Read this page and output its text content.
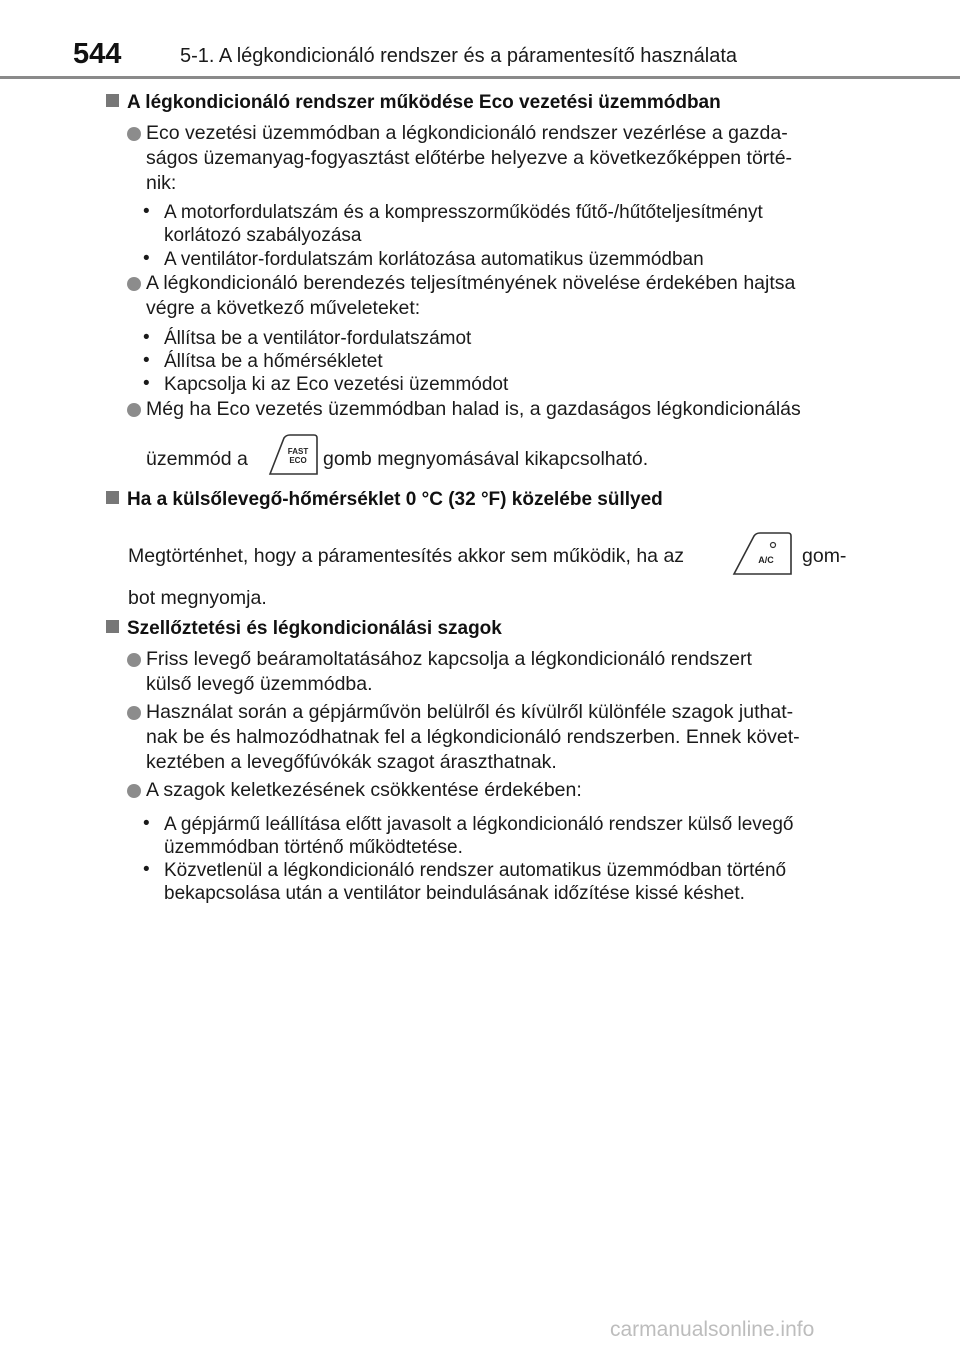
544	5-1. A légkondicionáló rendszer és a páramentesítő használata
A légkondicionáló rendszer működése Eco vezetési üzemmódban
Eco vezetési üzemmódban a légkondicionáló rendszer vezérlése a gazda-
ságos üzemanyag-fogyasztást előtérbe helyezve a következőképpen törté-
nik:
• A motorfordulatszám és a kompresszorműködés fűtő-/hűtőteljesítményt
korlátozó szabályozása
• A ventilátor-fordulatszám korlátozása automatikus üzemmódban
A légkondicionáló berendezés teljesítményének növelése érdekében hajtsa
végre a következő műveleteket:
• Állítsa be a ventilátor-fordulatszámot
• Állítsa be a hőmérsékletet
• Kapcsolja ki az Eco vezetési üzemmódot
Még ha Eco vezetés üzemmódban halad is, a gazdaságos légkondicionálás
üzemmód a	FAST
ECO gomb megnyomásával kikapcsolható.
Ha a külsőlevegő-hőmérséklet 0 °C (32 °F) közelébe süllyed
Megtörténhet, hogy a páramentesítés akkor sem működik, ha az	A/C gom-
bot megnyomja.
Szellőztetési és légkondicionálási szagok
Friss levegő beáramoltatásához kapcsolja a légkondicionáló rendszert
külső levegő üzemmódba.
Használat során a gépjárművön belülről és kívülről különféle szagok juthat-
nak be és halmozódhatnak fel a légkondicionáló rendszerben. Ennek követ-
keztében a levegőfúvókák szagot áraszthatnak.
A szagok keletkezésének csökkentése érdekében:
• A gépjármű leállítása előtt javasolt a légkondicionáló rendszer külső levegő
üzemmódban történő működtetése.
• Közvetlenül a légkondicionáló rendszer automatikus üzemmódban történő
bekapcsolása után a ventilátor beindulásának időzítése kissé késhet.
carmanualsonline.info
